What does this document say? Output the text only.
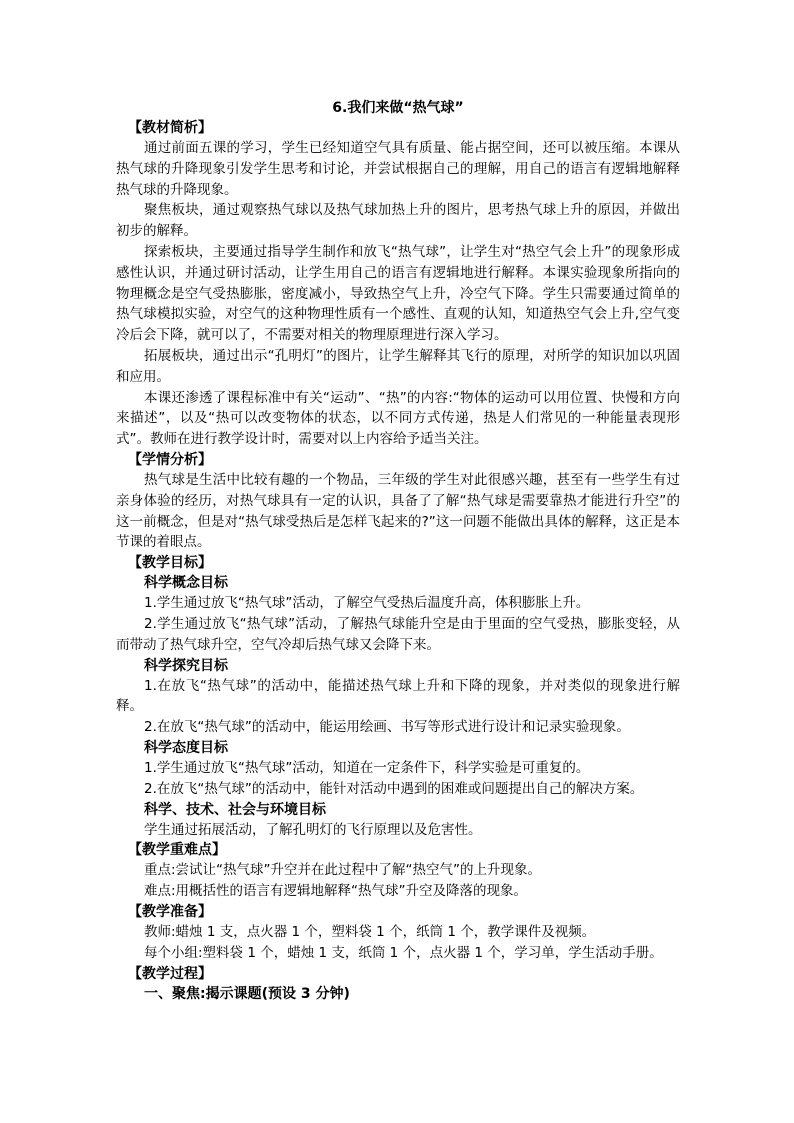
6.我们来做“热气球”

【教材简析】

通过前面五课的学习，学生已经知道空气具有质量、能占据空间，还可以被压缩。本课从热气球的升降现象引发学生思考和讨论，并尝试根据自己的理解，用自己的语言有逻辑地解释热气球的升降现象。

聚焦板块，通过观察热气球以及热气球加热上升的图片，思考热气球上升的原因，并做出初步的解释。

探索板块，主要通过指导学生制作和放飞“热气球”，让学生对“热空气会上升”的现象形成感性认识，并通过研讨活动，让学生用自己的语言有逻辑地进行解释。本课实验现象所指向的物理概念是空气受热膨胀，密度减小，导致热空气上升，冷空气下降。学生只需要通过简单的热气球模拟实验，对空气的这种物理性质有一个感性、直观的认知，知道热空气会上升,空气变冷后会下降，就可以了，不需要对相关的物理原理进行深入学习。

拓展板块，通过出示“孔明灯”的图片，让学生解释其飞行的原理，对所学的知识加以巩固和应用。

本课还渗透了课程标准中有关“运动”、“热”的内容:“物体的运动可以用位置、快慢和方向来描述”，以及“热可以改变物体的状态，以不同方式传递，热是人们常见的一种能量表现形式”。教师在进行教学设计时，需要对以上内容给予适当关注。

【学情分析】

热气球是生活中比较有趣的一个物品，三年级的学生对此很感兴趣，甚至有一些学生有过亲身体验的经历，对热气球具有一定的认识，具备了了解“热气球是需要靠热才能进行升空”的这一前概念，但是对“热气球受热后是怎样飞起来的?”这一问题不能做出具体的解释，这正是本节课的着眼点。

【教学目标】

科学概念目标

1.学生通过放飞“热气球”活动，了解空气受热后温度升高，体积膨胀上升。

2.学生通过放飞“热气球”活动，了解热气球能升空是由于里面的空气受热，膨胀变轻，从而带动了热气球升空，空气冷却后热气球又会降下来。

科学探究目标

1.在放飞“热气球”的活动中，能描述热气球上升和下降的现象，并对类似的现象进行解释。

2.在放飞“热气球”的活动中，能运用绘画、书写等形式进行设计和记录实验现象。

科学态度目标

1.学生通过放飞“热气球”活动，知道在一定条件下，科学实验是可重复的。

2.在放飞“热气球”的活动中，能针对活动中遇到的困难或问题提出自己的解决方案。

科学、技术、社会与环境目标

学生通过拓展活动，了解孔明灯的飞行原理以及危害性。

【教学重难点】

重点:尝试让“热气球”升空并在此过程中了解“热空气”的上升现象。

难点:用概括性的语言有逻辑地解释“热气球”升空及降落的现象。

【教学准备】

教师:蜡烛 1 支，点火器 1 个，塑料袋 1 个，纸筒 1 个，教学课件及视频。

每个小组:塑料袋 1 个，蜡烛 1 支，纸筒 1 个，点火器 1 个，学习单，学生活动手册。

【教学过程】

一、聚焦:揭示课题(预设 3 分钟)
